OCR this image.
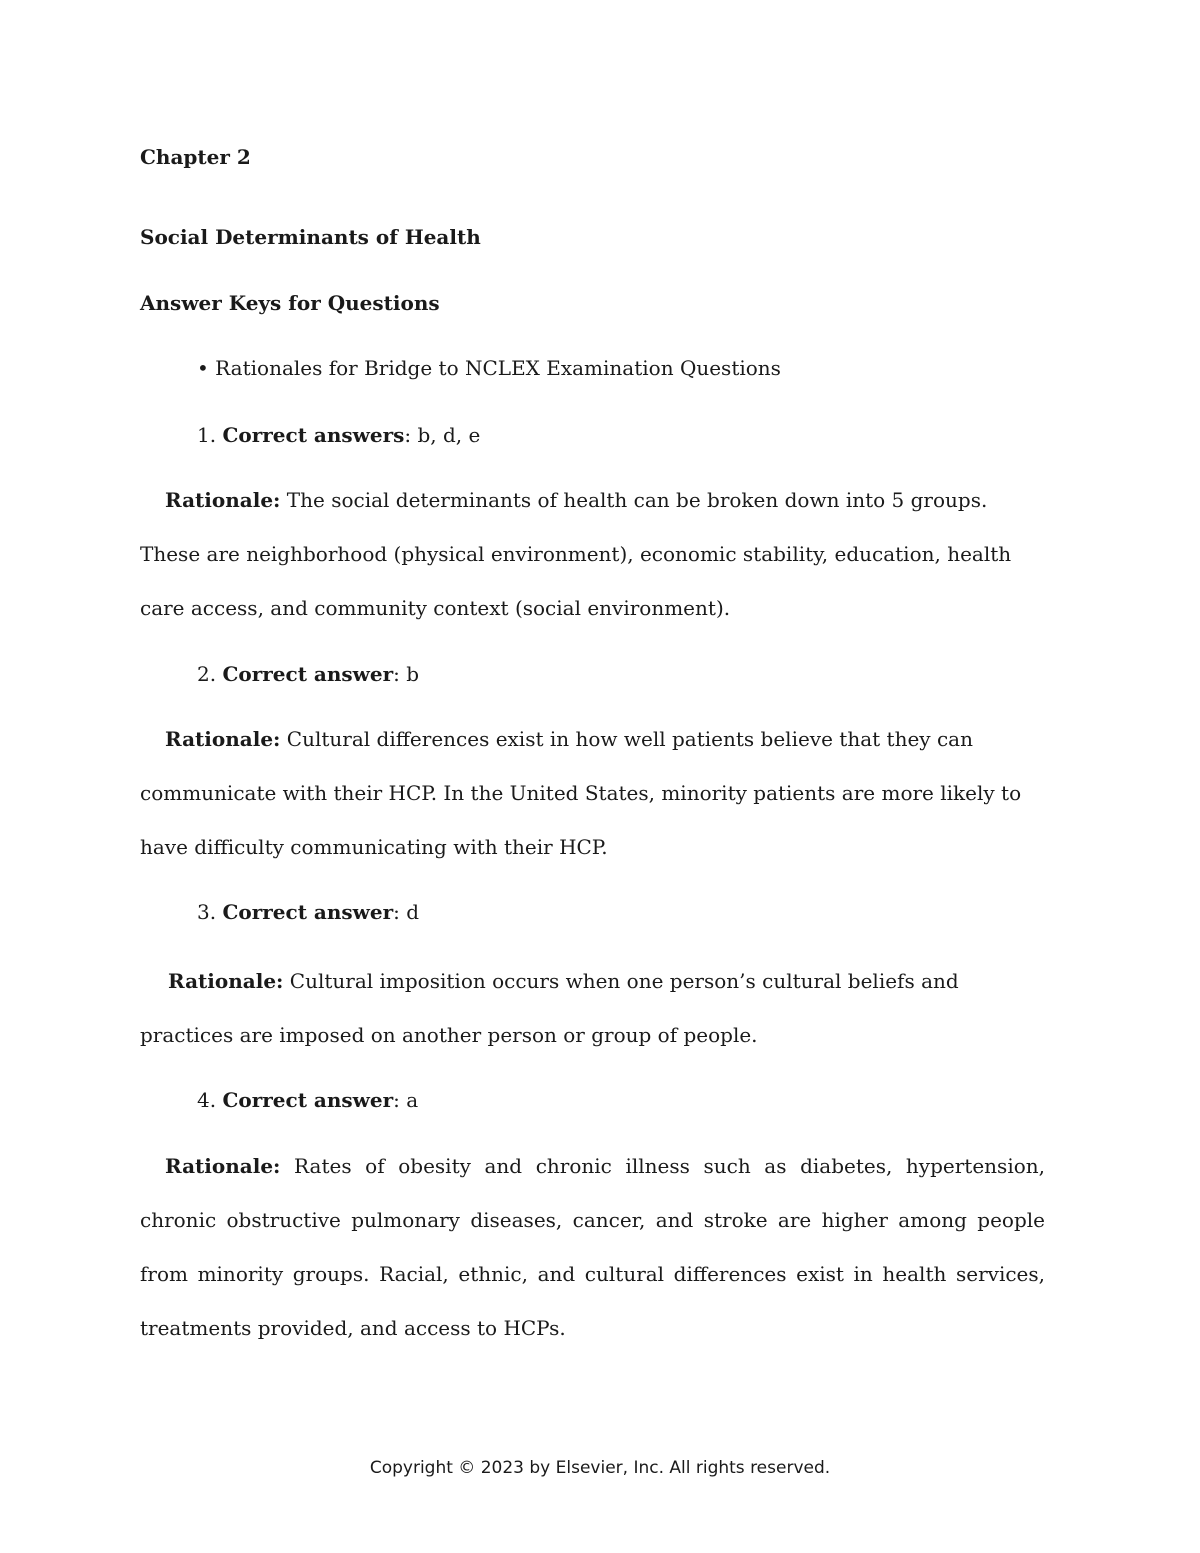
Chapter 2
Social Determinants of Health
Answer Keys for Questions
• Rationales for Bridge to NCLEX Examination Questions
1. Correct answers: b, d, e
Rationale: The social determinants of health can be broken down into 5 groups. These are neighborhood (physical environment), economic stability, education, health care access, and community context (social environment).
2. Correct answer: b
Rationale: Cultural differences exist in how well patients believe that they can communicate with their HCP. In the United States, minority patients are more likely to have difficulty communicating with their HCP.
3. Correct answer: d
Rationale: Cultural imposition occurs when one person’s cultural beliefs and practices are imposed on another person or group of people.
4. Correct answer: a
Rationale: Rates of obesity and chronic illness such as diabetes, hypertension, chronic obstructive pulmonary diseases, cancer, and stroke are higher among people from minority groups. Racial, ethnic, and cultural differences exist in health services, treatments provided, and access to HCPs.
Copyright © 2023 by Elsevier, Inc. All rights reserved.
